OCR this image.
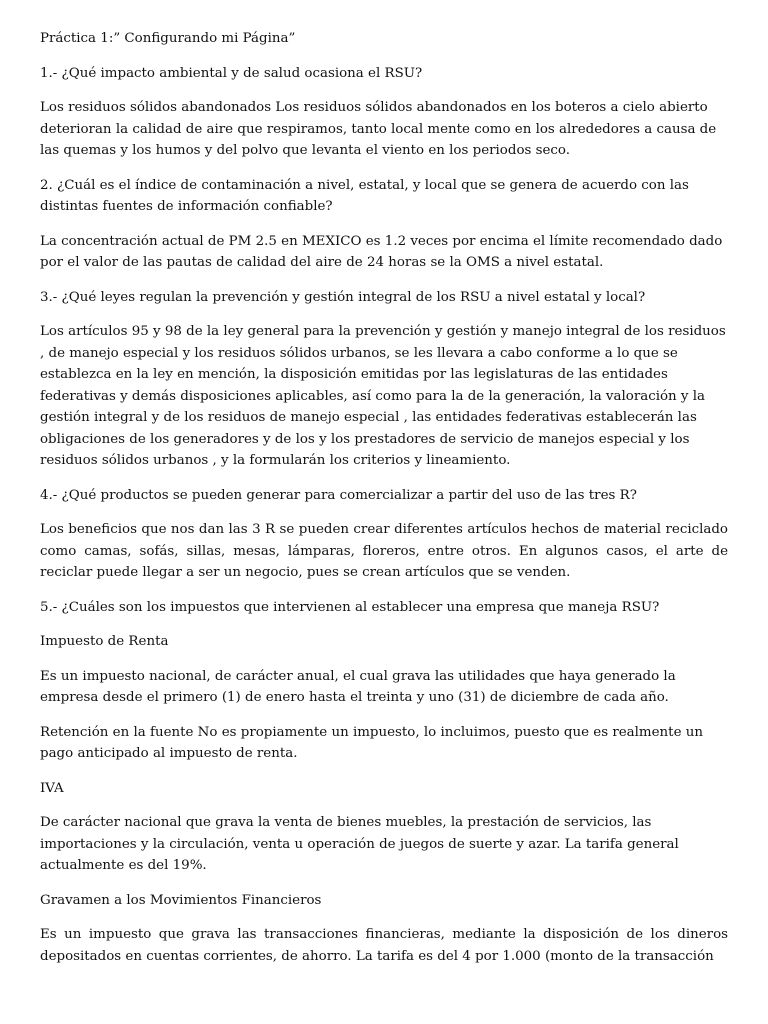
Práctica 1:” Configurando mi Página”
1.- ¿Qué impacto ambiental y de salud ocasiona el RSU?
Los residuos sólidos abandonados Los residuos sólidos abandonados en los boteros a cielo abierto deterioran la calidad de aire que respiramos, tanto local mente como en los alrededores a causa de las quemas y los humos y del polvo que levanta el viento en los periodos seco.
2. ¿Cuál es el índice de contaminación a nivel, estatal, y local que se genera de acuerdo con las distintas fuentes de información confiable?
La concentración actual de PM 2.5 en MEXICO es 1.2 veces por encima el límite recomendado dado por el valor de las pautas de calidad del aire de 24 horas se la OMS a nivel estatal.
3.- ¿Qué leyes regulan la prevención y gestión integral de los RSU a nivel estatal y local?
Los artículos 95 y 98 de la ley general para la prevención y gestión y manejo integral de los residuos , de manejo especial y los residuos sólidos urbanos, se les llevara a cabo conforme a lo que se establezca en la ley en mención, la disposición emitidas por las legislaturas de las entidades federativas y demás disposiciones aplicables, así como para la de la generación, la valoración y la gestión integral y de los residuos de manejo especial , las entidades federativas establecerán las obligaciones de los generadores y de los y los prestadores de servicio de manejos especial y los residuos sólidos urbanos , y la formularán los criterios y lineamiento.
4.- ¿Qué productos se pueden generar para comercializar a partir del uso de las tres R?
Los beneficios que nos dan las 3 R se pueden crear diferentes artículos hechos de material reciclado como camas, sofás, sillas, mesas, lámparas, floreros, entre otros. En algunos casos, el arte de reciclar puede llegar a ser un negocio, pues se crean artículos que se venden.
5.- ¿Cuáles son los impuestos que intervienen al establecer una empresa que maneja RSU?
Impuesto de Renta
Es un impuesto nacional, de carácter anual, el cual grava las utilidades que haya generado la empresa desde el primero (1) de enero hasta el treinta y uno (31) de diciembre de cada año.
Retención en la fuente No es propiamente un impuesto, lo incluimos, puesto que es realmente un pago anticipado al impuesto de renta.
IVA
De carácter nacional que grava la venta de bienes muebles, la prestación de servicios, las importaciones y la circulación, venta u operación de juegos de suerte y azar. La tarifa general actualmente es del 19%.
Gravamen a los Movimientos Financieros
Es un impuesto que grava las transacciones financieras, mediante la disposición de los dineros depositados en cuentas corrientes, de ahorro. La tarifa es del 4 por 1.000 (monto de la transacción
